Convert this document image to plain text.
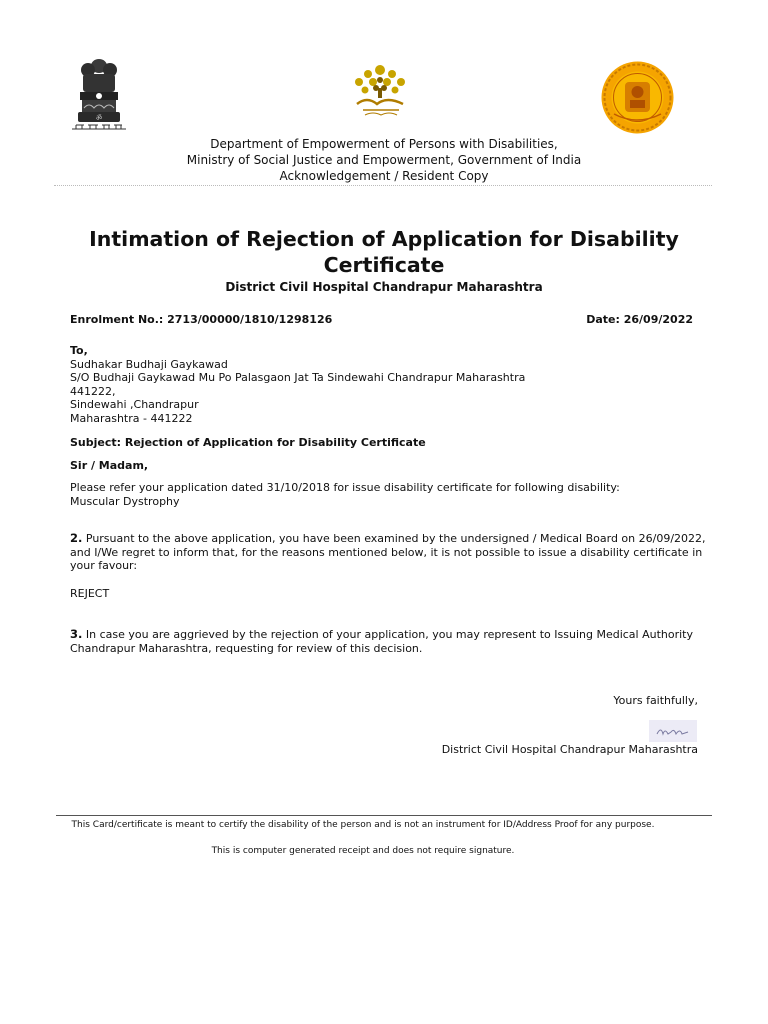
ॐ
Department of Empowerment of Persons with Disabilities,
Ministry of Social Justice and Empowerment, Government of India
Acknowledgement / Resident Copy
Intimation of Rejection of Application for Disability Certificate
District Civil Hospital Chandrapur Maharashtra
Enrolment No.: 2713/00000/1810/1298126	Date: 26/09/2022
To,
Sudhakar Budhaji Gaykawad
S/O Budhaji Gaykawad Mu Po Palasgaon Jat Ta Sindewahi Chandrapur Maharashtra
441222,
Sindewahi ,Chandrapur
Maharashtra - 441222
Subject: Rejection of Application for Disability Certificate
Sir / Madam,
Please refer your application dated 31/10/2018 for issue disability certificate for following disability:
Muscular Dystrophy
2. Pursuant to the above application, you have been examined by the undersigned / Medical Board on 26/09/2022, and I/We regret to inform that, for the reasons mentioned below, it is not possible to issue a disability certificate in your favour:
REJECT
3. In case you are aggrieved by the rejection of your application, you may represent to Issuing Medical Authority Chandrapur Maharashtra, requesting for review of this decision.
Yours faithfully,
District Civil Hospital Chandrapur Maharashtra
This Card/certificate is meant to certify the disability of the person and is not an instrument for ID/Address Proof for any purpose.
This is computer generated receipt and does not require signature.
